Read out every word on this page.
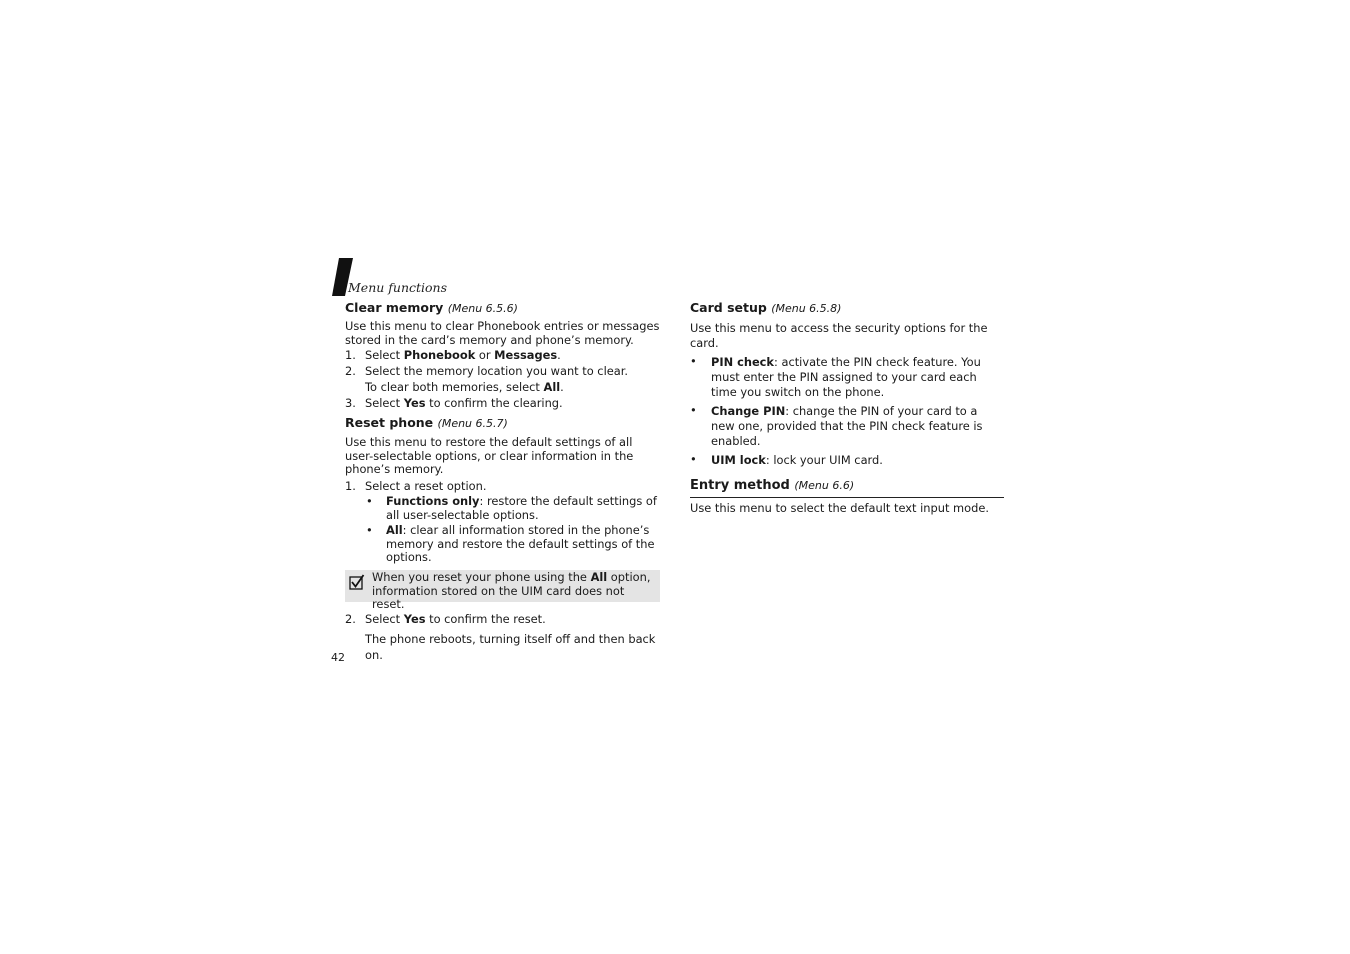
Menu functions
Clear memory (Menu 6.5.6)

Use this menu to clear Phonebook entries or messages stored in the card’s memory and phone’s memory.

1. Select Phonebook or Messages.
2. Select the memory location you want to clear.
To clear both memories, select All.
3. Select Yes to confirm the clearing.
Reset phone (Menu 6.5.7)

Use this menu to restore the default settings of all user-selectable options, or clear information in the phone’s memory.

1. Select a reset option.
• Functions only: restore the default settings of all user-selectable options.

• All: clear all information stored in the phone’s memory and restore the default settings of the options.

When you reset your phone using the All option, information stored on the UIM card does not reset.

2. Select Yes to confirm the reset.

The phone reboots, turning itself off and then back on.

42
Card setup (Menu 6.5.8)

Use this menu to access the security options for the card.

• PIN check: activate the PIN check feature. You must enter the PIN assigned to your card each time you switch on the phone.

• Change PIN: change the PIN of your card to a new one, provided that the PIN check feature is enabled.

• UIM lock: lock your UIM card.

Entry method (Menu 6.6)

Use this menu to select the default text input mode.
